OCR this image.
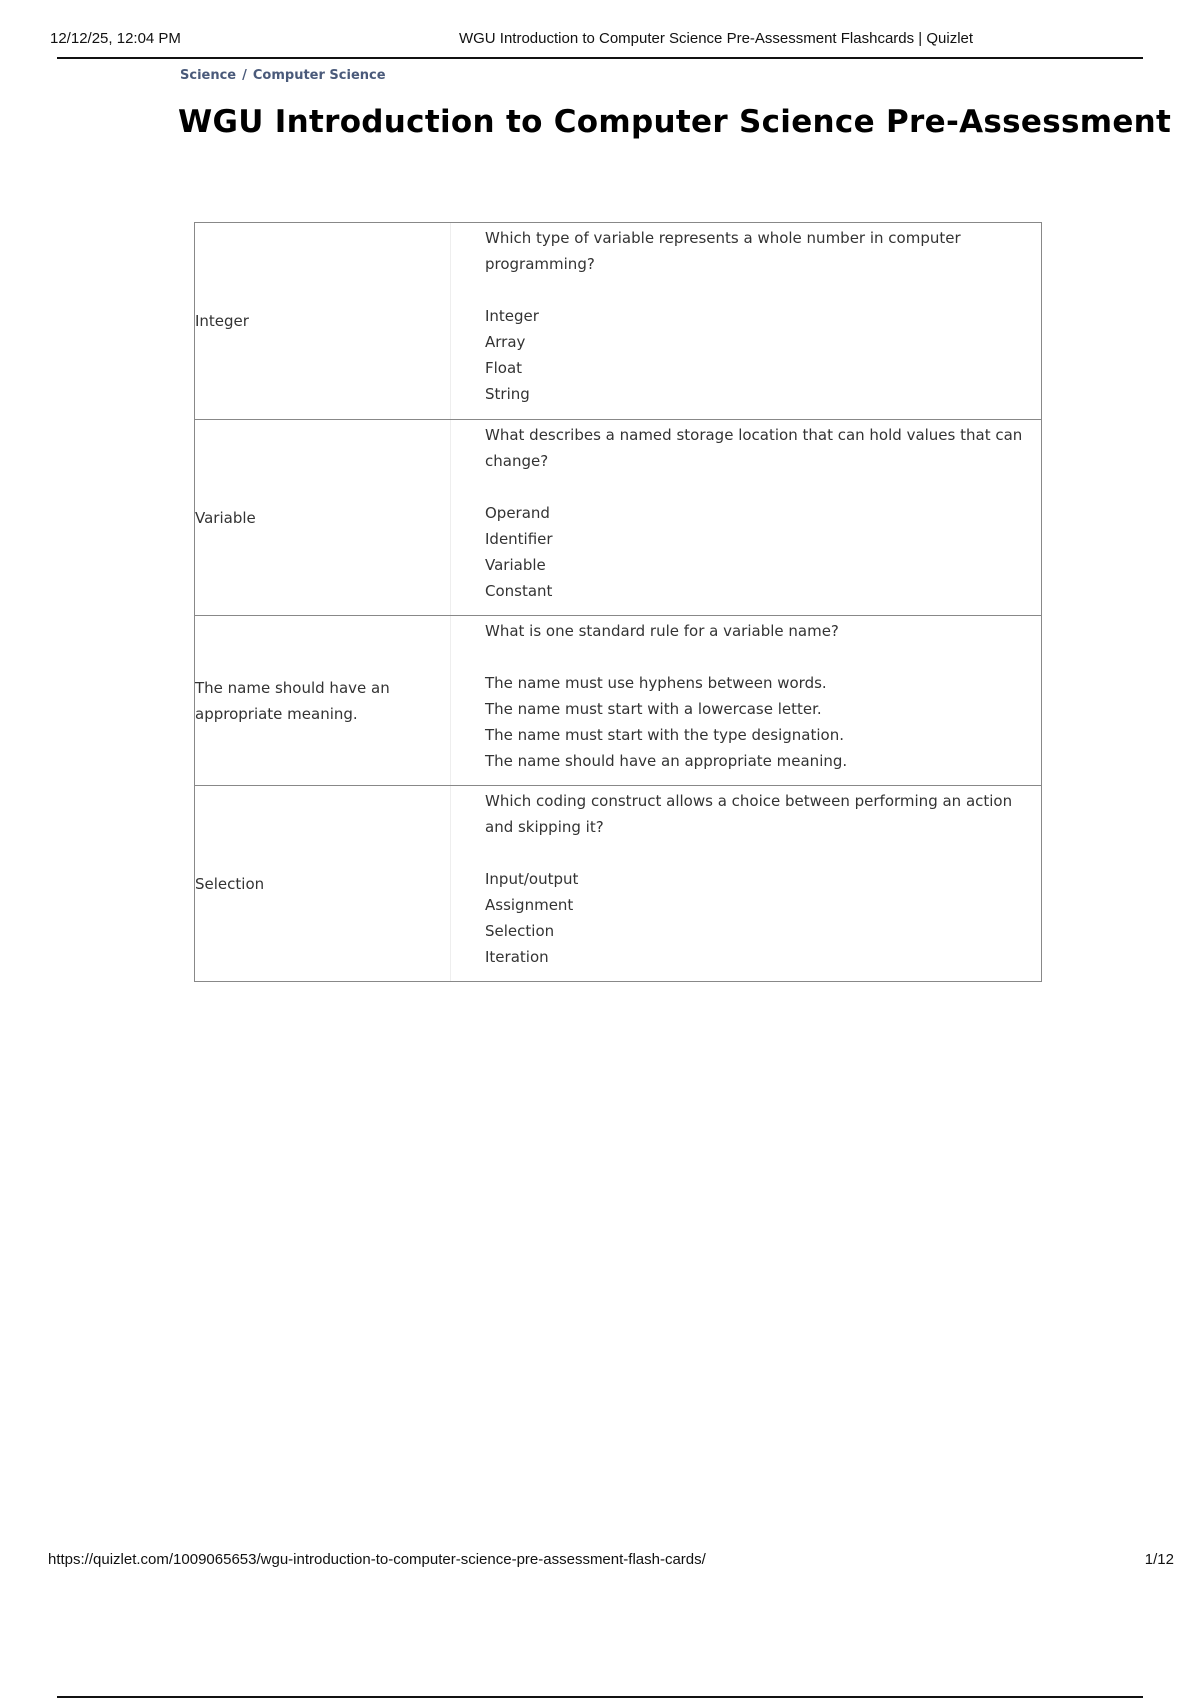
12/12/25, 12:04 PM	WGU Introduction to Computer Science Pre-Assessment Flashcards | Quizlet
Science / Computer Science
WGU Introduction to Computer Science Pre-Assessment
Integer
Which type of variable represents a whole number in computer programming?
Integer
Array
Float
String
Variable
What describes a named storage location that can hold values that can change?
Operand
Identifier
Variable
Constant
The name should have an appropriate meaning.
What is one standard rule for a variable name?
The name must use hyphens between words.
The name must start with a lowercase letter.
The name must start with the type designation.
The name should have an appropriate meaning.
Selection
Which coding construct allows a choice between performing an action and skipping it?
Input/output
Assignment
Selection
Iteration
https://quizlet.com/1009065653/wgu-introduction-to-computer-science-pre-assessment-flash-cards/	1/12
